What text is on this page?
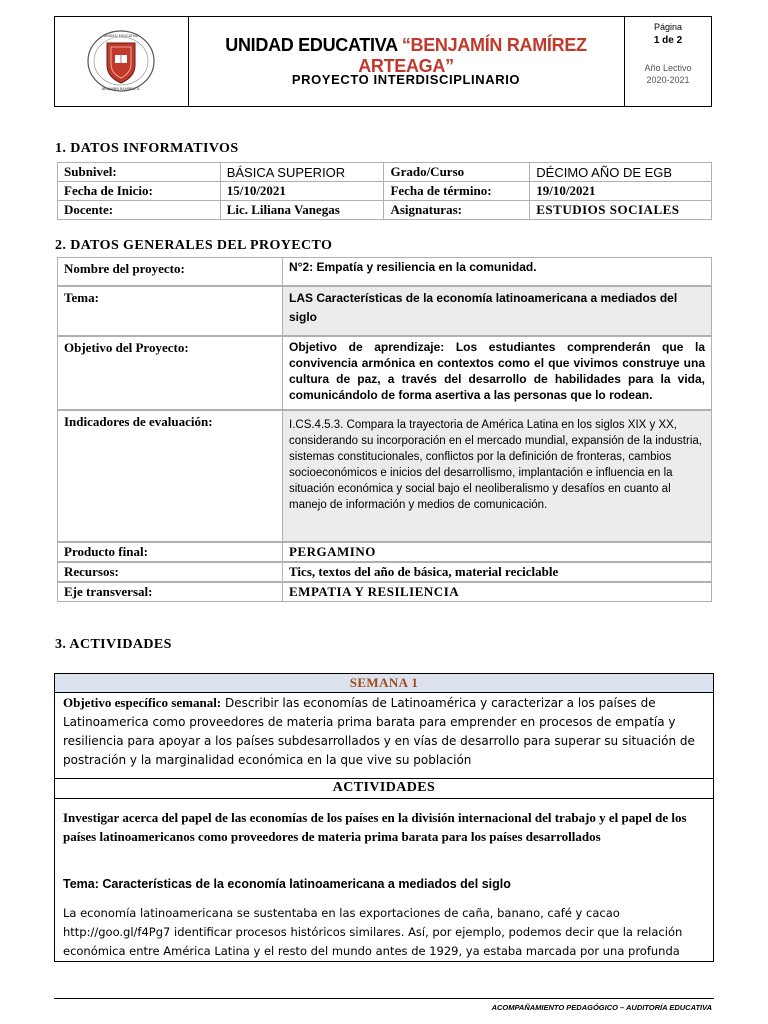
UNIDAD EDUCATIVA
BENJAMÍN RAMÍREZ A.
UNIDAD EDUCATIVA “BENJAMÍN RAMÍREZ ARTEAGA”
PROYECTO INTERDISCIPLINARIO
Página
1 de 2
Año Lectivo
2020-2021
1. DATOS INFORMATIVOS
Subnivel:	BÁSICA SUPERIOR	Grado/Curso	DÉCIMO AÑO DE EGB
Fecha de Inicio:	15/10/2021	Fecha de término:	19/10/2021
Docente:	Lic. Liliana Vanegas	Asignaturas:	ESTUDIOS SOCIALES
2. DATOS GENERALES DEL PROYECTO
Nombre del proyecto:	N°2: Empatía y resiliencia en la comunidad.
Tema:	LAS Características de la economía latinoamericana a mediados del siglo
Objetivo del Proyecto:	Objetivo de aprendizaje: Los estudiantes comprenderán que la convivencia armónica en contextos como el que vivimos construye una cultura de paz, a través del desarrollo de habilidades para la vida, comunicándolo de forma asertiva a las personas que lo rodean.
Indicadores de evaluación:	I.CS.4.5.3. Compara la trayectoria de América Latina en los siglos XIX y XX, considerando su incorporación en el mercado mundial, expansión de la industria, sistemas constitucionales, conflictos por la definición de fronteras, cambios socioeconómicos e inicios del desarrollismo, implantación e influencia en la situación económica y social bajo el neoliberalismo y desafíos en cuanto al manejo de información y medios de comunicación.
Producto final:	PERGAMINO
Recursos:	Tics, textos del año de básica, material reciclable
Eje transversal:	EMPATIA Y RESILIENCIA
3. ACTIVIDADES
SEMANA 1
Objetivo específico semanal: Describir las economías de Latinoamérica y caracterizar a los países de Latinoamerica como proveedores de materia prima barata para emprender en procesos de empatía y resiliencia para apoyar a los países subdesarrollados y en vías de desarrollo para superar su situación de postración y la marginalidad económica en la que vive su población
ACTIVIDADES
Investigar acerca del papel de las economías de los países en la división internacional del trabajo y el papel de los países latinoamericanos como proveedores de materia prima barata para los países desarrollados
Tema: Características de la economía latinoamericana a mediados del siglo
La economía latinoamericana se sustentaba en las exportaciones de caña, banano, café y cacao http://goo.gl/f4Pg7 identificar procesos históricos similares. Así, por ejemplo, podemos decir que la relación económica entre América Latina y el resto del mundo antes de 1929, ya estaba marcada por una profunda
ACOMPAÑAMIENTO PEDAGÓGICO – AUDITORÍA EDUCATIVA
